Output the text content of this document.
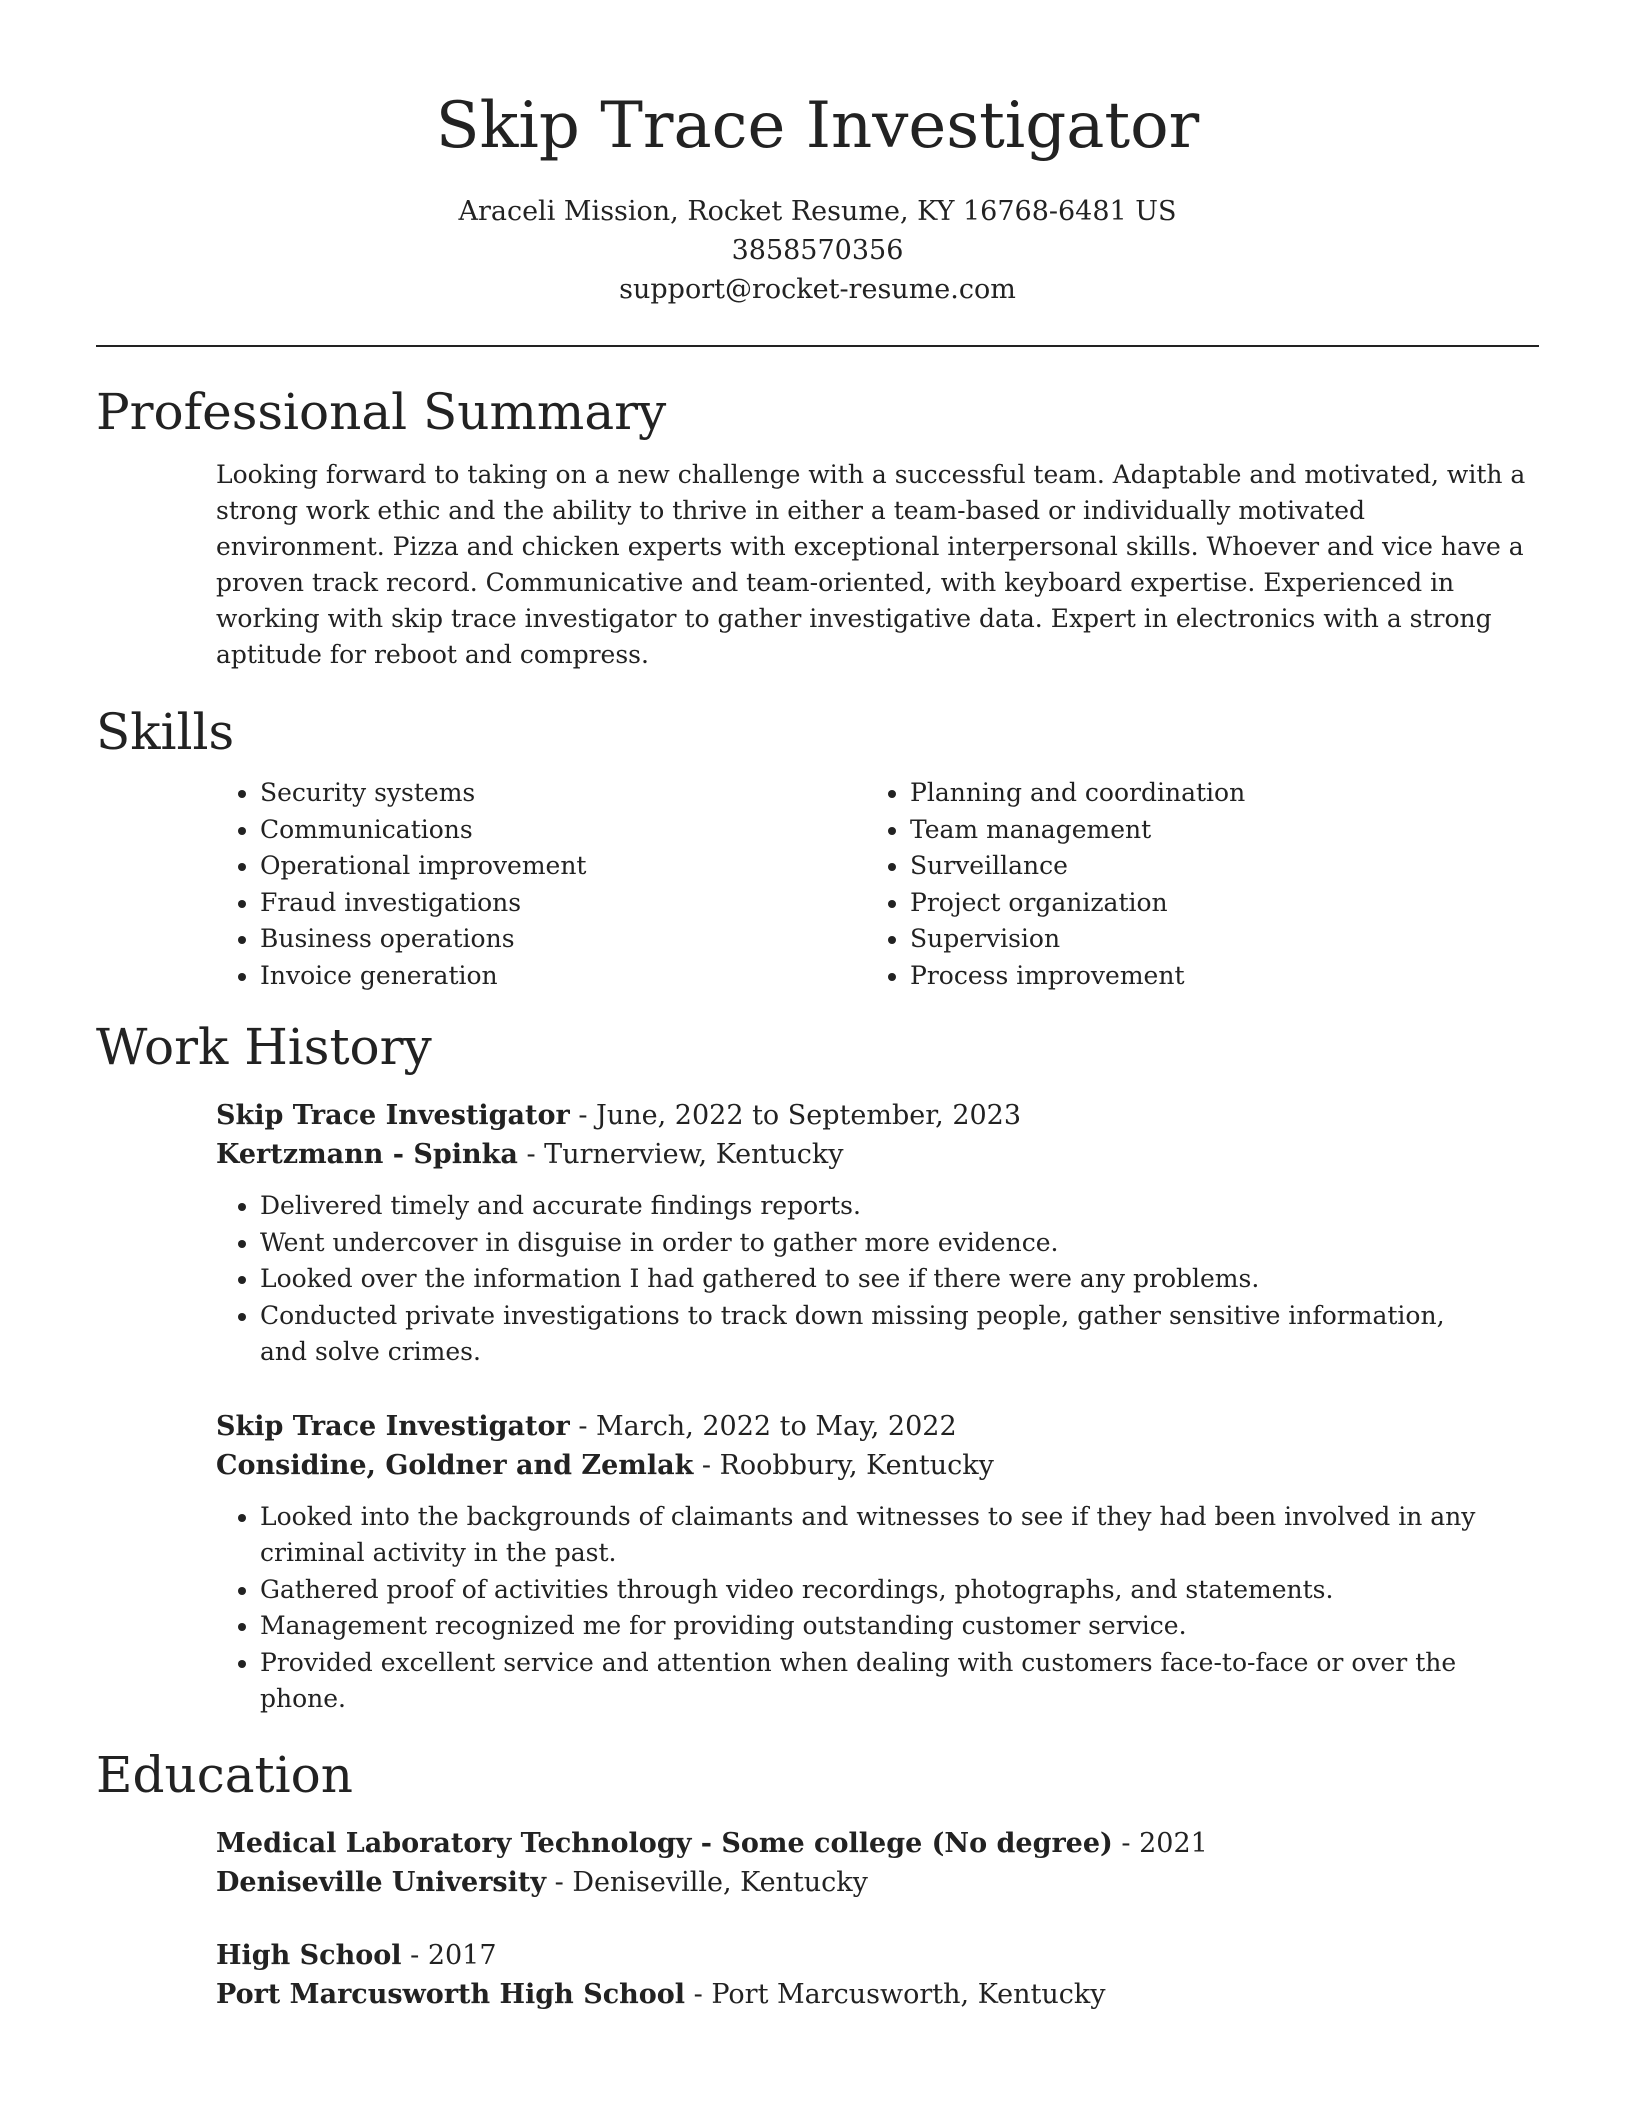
Skip Trace Investigator
Araceli Mission, Rocket Resume, KY 16768-6481 US
3858570356
support@rocket-resume.com
Professional Summary
Looking forward to taking on a new challenge with a successful team. Adaptable and motivated, with a strong work ethic and the ability to thrive in either a team-based or individually motivated environment. Pizza and chicken experts with exceptional interpersonal skills. Whoever and vice have a proven track record. Communicative and team-oriented, with keyboard expertise. Experienced in working with skip trace investigator to gather investigative data. Expert in electronics with a strong aptitude for reboot and compress.
Skills
• Security systems
• Communications
• Operational improvement
• Fraud investigations
• Business operations
• Invoice generation
• Planning and coordination
• Team management
• Surveillance
• Project organization
• Supervision
• Process improvement
Work History
Skip Trace Investigator - June, 2022 to September, 2023
Kertzmann - Spinka - Turnerview, Kentucky
• Delivered timely and accurate findings reports.
• Went undercover in disguise in order to gather more evidence.
• Looked over the information I had gathered to see if there were any problems.
• Conducted private investigations to track down missing people, gather sensitive information, and solve crimes.
Skip Trace Investigator - March, 2022 to May, 2022
Considine, Goldner and Zemlak - Roobbury, Kentucky
• Looked into the backgrounds of claimants and witnesses to see if they had been involved in any criminal activity in the past.
• Gathered proof of activities through video recordings, photographs, and statements.
• Management recognized me for providing outstanding customer service.
• Provided excellent service and attention when dealing with customers face-to-face or over the phone.
Education
Medical Laboratory Technology - Some college (No degree) - 2021
Deniseville University - Deniseville, Kentucky
High School - 2017
Port Marcusworth High School - Port Marcusworth, Kentucky
